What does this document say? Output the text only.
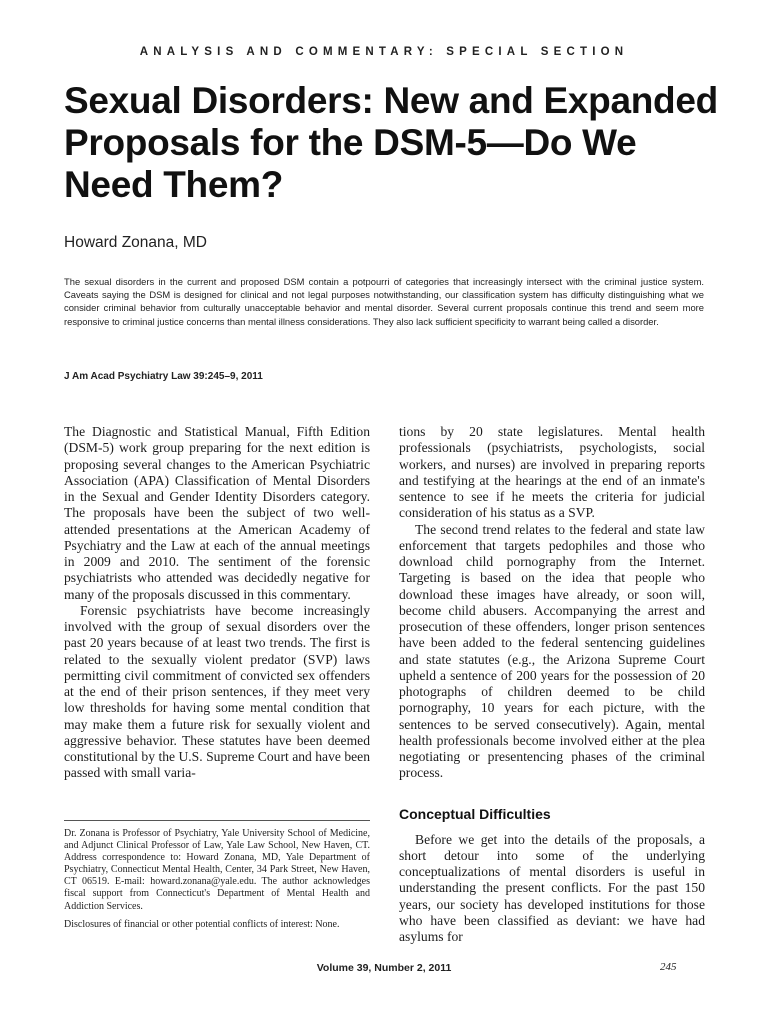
ANALYSIS AND COMMENTARY: SPECIAL SECTION
Sexual Disorders: New and Expanded Proposals for the DSM-5—Do We Need Them?
Howard Zonana, MD

The sexual disorders in the current and proposed DSM contain a potpourri of categories that increasingly intersect with the criminal justice system. Caveats saying the DSM is designed for clinical and not legal purposes notwithstanding, our classification system has difficulty distinguishing what we consider criminal behavior from culturally unacceptable behavior and mental disorder. Several current proposals continue this trend and seem more responsive to criminal justice concerns than mental illness considerations. They also lack sufficient specificity to warrant being called a disorder.

J Am Acad Psychiatry Law 39:245–9, 2011

The Diagnostic and Statistical Manual, Fifth Edition (DSM-5) work group preparing for the next edition is proposing several changes to the American Psychiatric Association (APA) Classification of Mental Disorders in the Sexual and Gender Identity Disorders category. The proposals have been the subject of two well-attended presentations at the American Academy of Psychiatry and the Law at each of the annual meetings in 2009 and 2010. The sentiment of the forensic psychiatrists who attended was decidedly negative for many of the proposals discussed in this commentary.

Forensic psychiatrists have become increasingly involved with the group of sexual disorders over the past 20 years because of at least two trends. The first is related to the sexually violent predator (SVP) laws permitting civil commitment of convicted sex offenders at the end of their prison sentences, if they meet very low thresholds for having some mental condition that may make them a future risk for sexually violent and aggressive behavior. These statutes have been deemed constitutional by the U.S. Supreme Court and have been passed with small varia-

Dr. Zonana is Professor of Psychiatry, Yale University School of Medicine, and Adjunct Clinical Professor of Law, Yale Law School, New Haven, CT. Address correspondence to: Howard Zonana, MD, Yale Department of Psychiatry, Connecticut Mental Health, Center, 34 Park Street, New Haven, CT 06519. E-mail: howard.zonana@yale.edu. The author acknowledges fiscal support from Connecticut's Department of Mental Health and Addiction Services.

Disclosures of financial or other potential conflicts of interest: None.

tions by 20 state legislatures. Mental health professionals (psychiatrists, psychologists, social workers, and nurses) are involved in preparing reports and testifying at the hearings at the end of an inmate's sentence to see if he meets the criteria for judicial consideration of his status as a SVP.

The second trend relates to the federal and state law enforcement that targets pedophiles and those who download child pornography from the Internet. Targeting is based on the idea that people who download these images have already, or soon will, become child abusers. Accompanying the arrest and prosecution of these offenders, longer prison sentences have been added to the federal sentencing guidelines and state statutes (e.g., the Arizona Supreme Court upheld a sentence of 200 years for the possession of 20 photographs of children deemed to be child pornography, 10 years for each picture, with the sentences to be served consecutively). Again, mental health professionals become involved either at the plea negotiating or presentencing phases of the criminal process.

Conceptual Difficulties

Before we get into the details of the proposals, a short detour into some of the underlying conceptualizations of mental disorders is useful in understanding the present conflicts. For the past 150 years, our society has developed institutions for those who have been classified as deviant: we have had asylums for

Volume 39, Number 2, 2011	245
